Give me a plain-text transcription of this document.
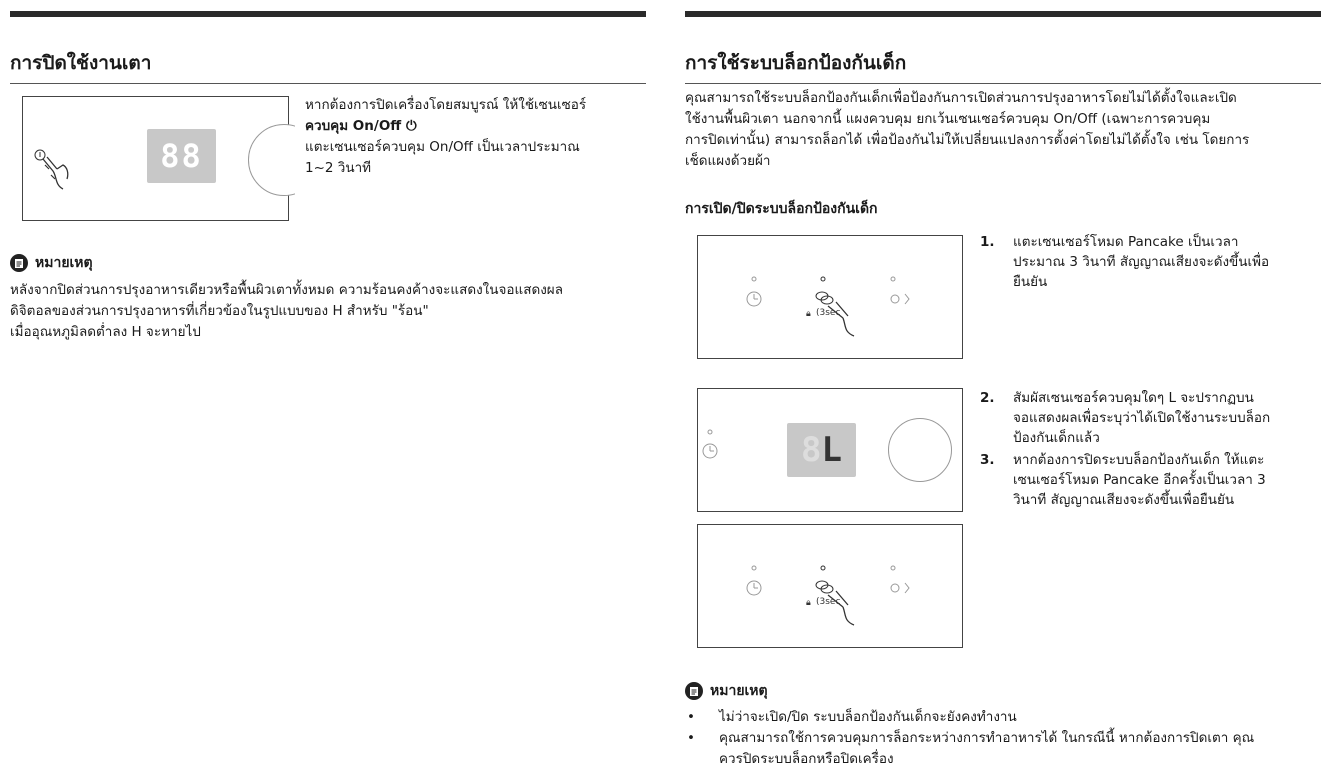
การปิดใช้งานเตา
88

หากต้องการปิดเครื่องโดยสมบูรณ์ ให้ใช้เซนเซอร์

ควบคุม On/Off ⏻

แตะเซนเซอร์ควบคุม On/Off เป็นเวลาประมาณ

1~2 วินาที

หมายเหตุ

หลังจากปิดส่วนการปรุงอาหารเดียวหรือพื้นผิวเตาทั้งหมด ความร้อนคงค้างจะแสดงในจอแสดงผล

ดิจิตอลของส่วนการปรุงอาหารที่เกี่ยวข้องในรูปแบบของ H สำหรับ "ร้อน"

เมื่ออุณหภูมิลดต่ำลง H จะหายไป

การใช้ระบบล็อกป้องกันเด็ก

คุณสามารถใช้ระบบล็อกป้องกันเด็กเพื่อป้องกันการเปิดส่วนการปรุงอาหารโดยไม่ได้ตั้งใจและเปิด

ใช้งานพื้นผิวเตา นอกจากนี้ แผงควบคุม ยกเว้นเซนเซอร์ควบคุม On/Off (เฉพาะการควบคุม

การปิดเท่านั้น) สามารถล็อกได้ เพื่อป้องกันไม่ให้เปลี่ยนแปลงการตั้งค่าโดยไม่ได้ตั้งใจ เช่น โดยการ

เช็ดแผงด้วยผ้า

การเปิด/ปิดระบบล็อกป้องกันเด็ก
🔒︎ (3sec
8 L
🔒︎ (3sec
1.	แตะเซนเซอร์โหมด Pancake เป็นเวลา
ประมาณ 3 วินาที สัญญาณเสียงจะดังขึ้นเพื่อ
ยืนยัน
2.	สัมผัสเซนเซอร์ควบคุมใดๆ L จะปรากฏบน
จอแสดงผลเพื่อระบุว่าได้เปิดใช้งานระบบล็อก
ป้องกันเด็กแล้ว
3.	หากต้องการปิดระบบล็อกป้องกันเด็ก ให้แตะ
เซนเซอร์โหมด Pancake อีกครั้งเป็นเวลา 3
วินาที สัญญาณเสียงจะดังขึ้นเพื่อยืนยัน
หมายเหตุ
• ไม่ว่าจะเปิด/ปิด ระบบล็อกป้องกันเด็กจะยังคงทำงาน
• คุณสามารถใช้การควบคุมการล็อกระหว่างการทำอาหารได้ ในกรณีนี้ หากต้องการปิดเตา คุณ
ควรปิดระบบล็อกหรือปิดเครื่อง
